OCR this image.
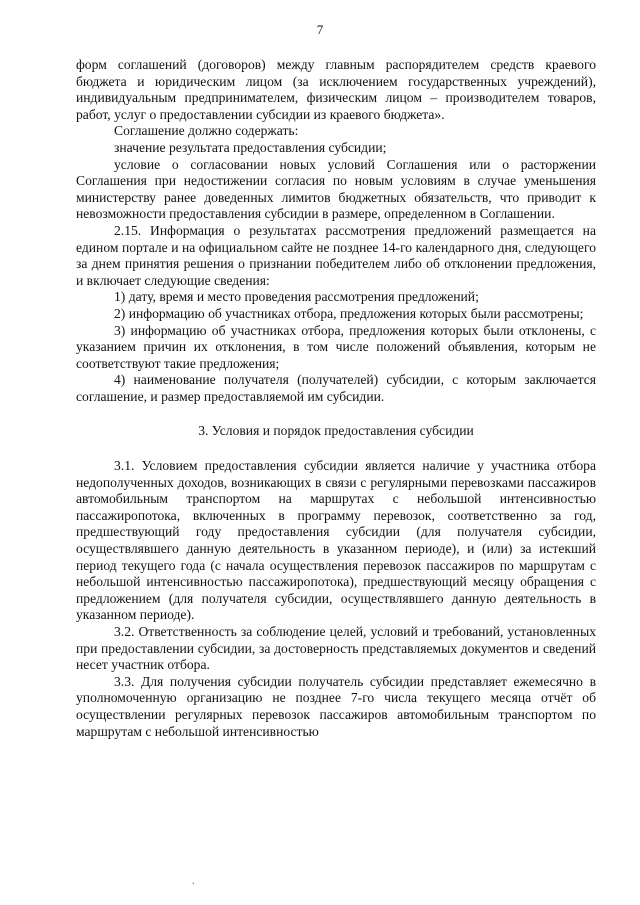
7

форм соглашений (договоров) между главным распорядителем средств краевого бюджета и юридическим лицом (за исключением государственных учреждений), индивидуальным предпринимателем, физическим лицом – производителем товаров, работ, услуг о предоставлении субсидии из краевого бюджета».

Соглашение должно содержать:

значение результата предоставления субсидии;

условие о согласовании новых условий Соглашения или о расторжении Соглашения при недостижении согласия по новым условиям в случае уменьшения министерству ранее доведенных лимитов бюджетных обязательств, что приводит к невозможности предоставления субсидии в размере, определенном в Соглашении.

2.15. Информация о результатах рассмотрения предложений размещается на едином портале и на официальном сайте не позднее 14-го календарного дня, следующего за днем принятия решения о признании победителем либо об отклонении предложения, и включает следующие сведения:

1) дату, время и место проведения рассмотрения предложений;

2) информацию об участниках отбора, предложения которых были рассмотрены;

3) информацию об участниках отбора, предложения которых были отклонены, с указанием причин их отклонения, в том числе положений объявления, которым не соответствуют такие предложения;

4) наименование получателя (получателей) субсидии, с которым заключается соглашение, и размер предоставляемой им субсидии.

3. Условия и порядок предоставления субсидии

3.1. Условием предоставления субсидии является наличие у участника отбора недополученных доходов, возникающих в связи с регулярными перевозками пассажиров автомобильным транспортом на маршрутах с небольшой интенсивностью пассажиропотока, включенных в программу перевозок, соответственно за год, предшествующий году предоставления субсидии (для получателя субсидии, осуществлявшего данную деятельность в указанном периоде), и (или) за истекший период текущего года (с начала осуществления перевозок пассажиров по маршрутам с небольшой интенсивностью пассажиропотока), предшествующий месяцу обращения с предложением (для получателя субсидии, осуществлявшего данную деятельность в указанном периоде).

3.2. Ответственность за соблюдение целей, условий и требований, установленных при предоставлении субсидии, за достоверность представляемых документов и сведений несет участник отбора.

3.3. Для получения субсидии получатель субсидии представляет ежемесячно в уполномоченную организацию не позднее 7-го числа текущего месяца отчёт об осуществлении регулярных перевозок пассажиров автомобильным транспортом по маршрутам с небольшой интенсивностью

.
